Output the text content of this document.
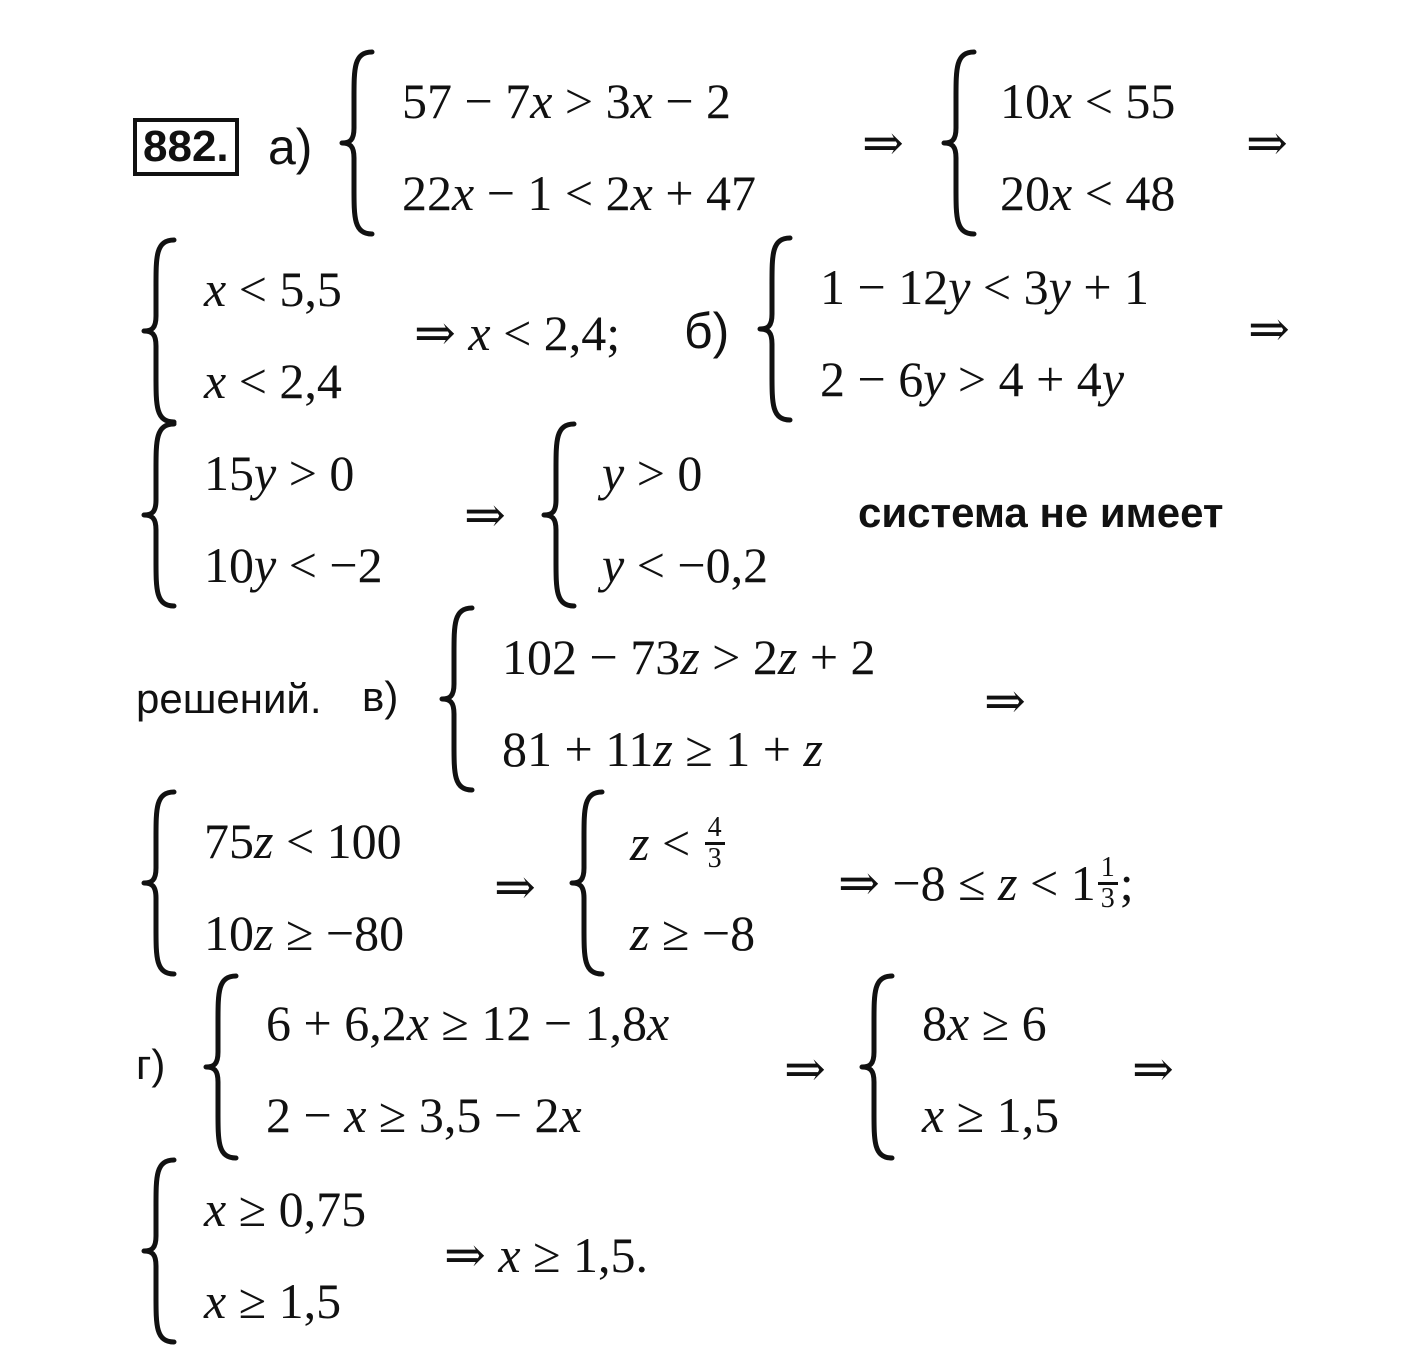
882. а)
57 − 7x > 3x − 2
22x − 1 < 2x + 47
⇒
10x < 55
20x < 48
⇒
x < 5,5
x < 2,4
⇒ x < 2,4; б)
1 − 12y < 3y + 1
2 − 6y > 4 + 4y
⇒
15y > 0
10y < −2
⇒
y > 0
y < −0,2
система не имеет
решений. в)
102 − 73z > 2z + 2
81 + 11z ≥ 1 + z
⇒
75z < 100
10z ≥ −80
⇒
$z < \frac{4}{3}$
z ≥ −8
⇒ $-8 \le z < 1 \frac{1}{3}$ ;
г)
6 + 6,2x ≥ 12 − 1,8x
2 − x ≥ 3,5 − 2x
⇒
8x ≥ 6
x ≥ 1,5
⇒
x ≥ 0,75
x ≥ 1,5
⇒ x ≥ 1,5.
